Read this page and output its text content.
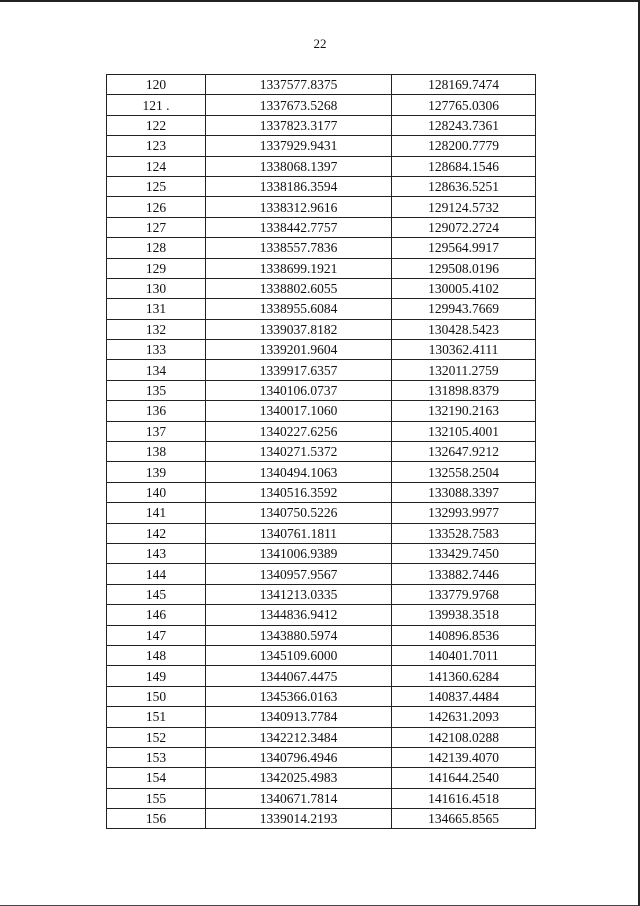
22
120	1337577.8375	128169.7474
121 .	1337673.5268	127765.0306
122	1337823.3177	128243.7361
123	1337929.9431	128200.7779
124	1338068.1397	128684.1546
125	1338186.3594	128636.5251
126	1338312.9616	129124.5732
127	1338442.7757	129072.2724
128	1338557.7836	129564.9917
129	1338699.1921	129508.0196
130	1338802.6055	130005.4102
131	1338955.6084	129943.7669
132	1339037.8182	130428.5423
133	1339201.9604	130362.4111
134	1339917.6357	132011.2759
135	1340106.0737	131898.8379
136	1340017.1060	132190.2163
137	1340227.6256	132105.4001
138	1340271.5372	132647.9212
139	1340494.1063	132558.2504
140	1340516.3592	133088.3397
141	1340750.5226	132993.9977
142	1340761.1811	133528.7583
143	1341006.9389	133429.7450
144	1340957.9567	133882.7446
145	1341213.0335	133779.9768
146	1344836.9412	139938.3518
147	1343880.5974	140896.8536
148	1345109.6000	140401.7011
149	1344067.4475	141360.6284
150	1345366.0163	140837.4484
151	1340913.7784	142631.2093
152	1342212.3484	142108.0288
153	1340796.4946	142139.4070
154	1342025.4983	141644.2540
155	1340671.7814	141616.4518
156	1339014.2193	134665.8565
